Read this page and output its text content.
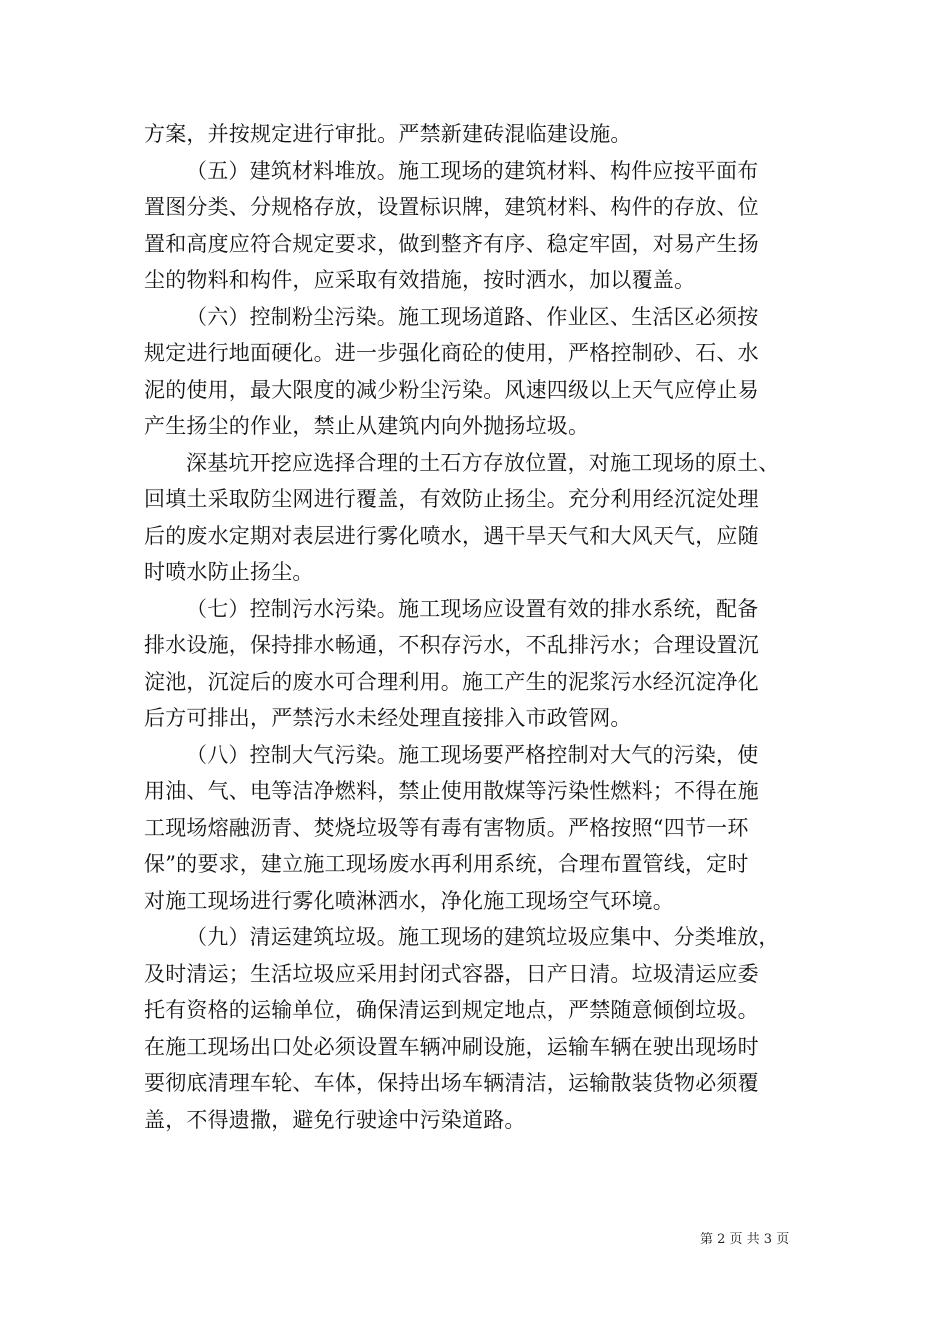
方案，并按规定进行审批。严禁新建砖混临建设施。
（五）建筑材料堆放。施工现场的建筑材料、构件应按平面布
置图分类、分规格存放，设置标识牌，建筑材料、构件的存放、位
置和高度应符合规定要求，做到整齐有序、稳定牢固，对易产生扬
尘的物料和构件，应采取有效措施，按时洒水，加以覆盖。
（六）控制粉尘污染。施工现场道路、作业区、生活区必须按
规定进行地面硬化。进一步强化商砼的使用，严格控制砂、石、水
泥的使用，最大限度的减少粉尘污染。风速四级以上天气应停止易
产生扬尘的作业，禁止从建筑内向外抛扬垃圾。
深基坑开挖应选择合理的土石方存放位置，对施工现场的原土、
回填土采取防尘网进行覆盖，有效防止扬尘。充分利用经沉淀处理
后的废水定期对表层进行雾化喷水，遇干旱天气和大风天气，应随
时喷水防止扬尘。
（七）控制污水污染。施工现场应设置有效的排水系统，配备
排水设施，保持排水畅通，不积存污水，不乱排污水；合理设置沉
淀池，沉淀后的废水可合理利用。施工产生的泥浆污水经沉淀净化
后方可排出，严禁污水未经处理直接排入市政管网。
（八）控制大气污染。施工现场要严格控制对大气的污染，使
用油、气、电等洁净燃料，禁止使用散煤等污染性燃料；不得在施
工现场熔融沥青、焚烧垃圾等有毒有害物质。严格按照“四节一环
保”的要求，建立施工现场废水再利用系统，合理布置管线，定时
对施工现场进行雾化喷淋洒水，净化施工现场空气环境。
（九）清运建筑垃圾。施工现场的建筑垃圾应集中、分类堆放，
及时清运；生活垃圾应采用封闭式容器，日产日清。垃圾清运应委
托有资格的运输单位，确保清运到规定地点，严禁随意倾倒垃圾。
在施工现场出口处必须设置车辆冲刷设施，运输车辆在驶出现场时
要彻底清理车轮、车体，保持出场车辆清洁，运输散装货物必须覆
盖，不得遗撒，避免行驶途中污染道路。
第 2 页 共 3 页
